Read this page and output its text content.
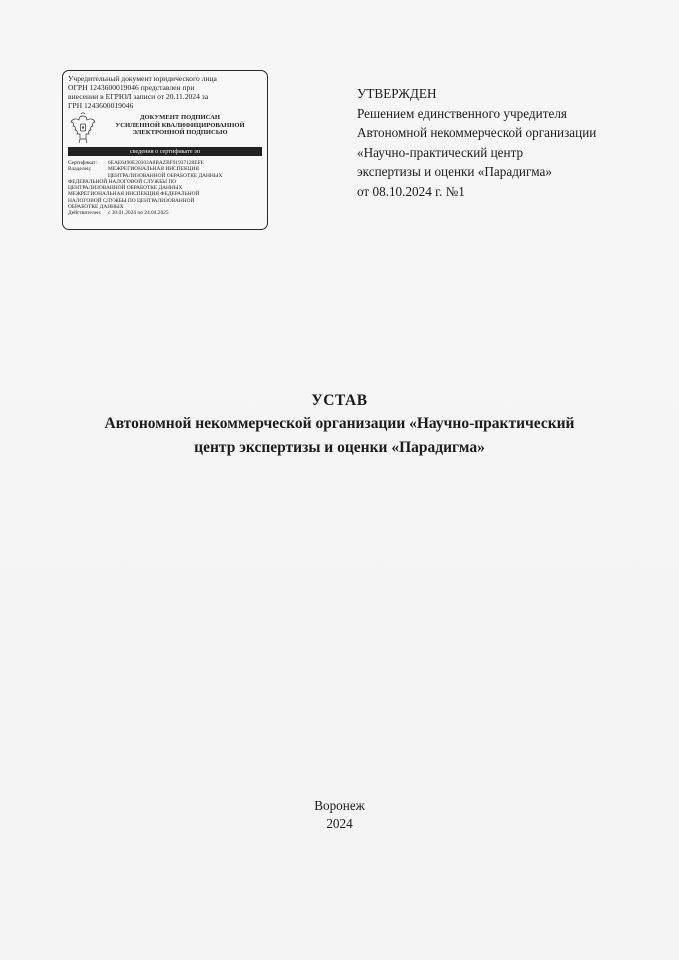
Учредительный документ юридического лица
ОГРН 1243600019046 представлен при
внесении в ЕГРЮЛ записи от 20.11.2024 за
ГРН 1243600019046
ДОКУМЕНТ ПОДПИСАН
УСИЛЕННОЙ КВАЛИФИЦИРОВАННОЙ
ЭЛЕКТРОННОЙ ПОДПИСЬЮ
сведения о сертификате эп
Сертификат:	6EAE6490E20303A8BAZBF91937128EFE
Владелец:	МЕЖРЕГИОНАЛЬНАЯ ИНСПЕКЦИЯ
ЦЕНТРАЛИЗОВАННОЙ ОБРАБОТКЕ ДАННЫХ
ФЕДЕРАЛЬНОЙ НАЛОГОВОЙ СЛУЖБЫ ПО
ЦЕНТРАЛИЗОВАННОЙ ОБРАБОТКЕ ДАННЫХ
МЕЖРЕГИОНАЛЬНАЯ ИНСПЕКЦИЯ ФЕДЕРАЛЬНОЙ
НАЛОГОВОЙ СЛУЖБЫ ПО ЦЕНТРАЛИЗОВАННОЙ
ОБРАБОТКЕ ДАННЫХ
Действителен:	с 30.01.2024 по 24.04.2025
УТВЕРЖДЕН
Решением единственного учредителя
Автономной некоммерческой организации
«Научно-практический центр
экспертизы и оценки «Парадигма»
от 08.10.2024 г. №1
УСТАВ
Автономной некоммерческой организации «Научно-практический
центр экспертизы и оценки «Парадигма»
Воронеж
2024
